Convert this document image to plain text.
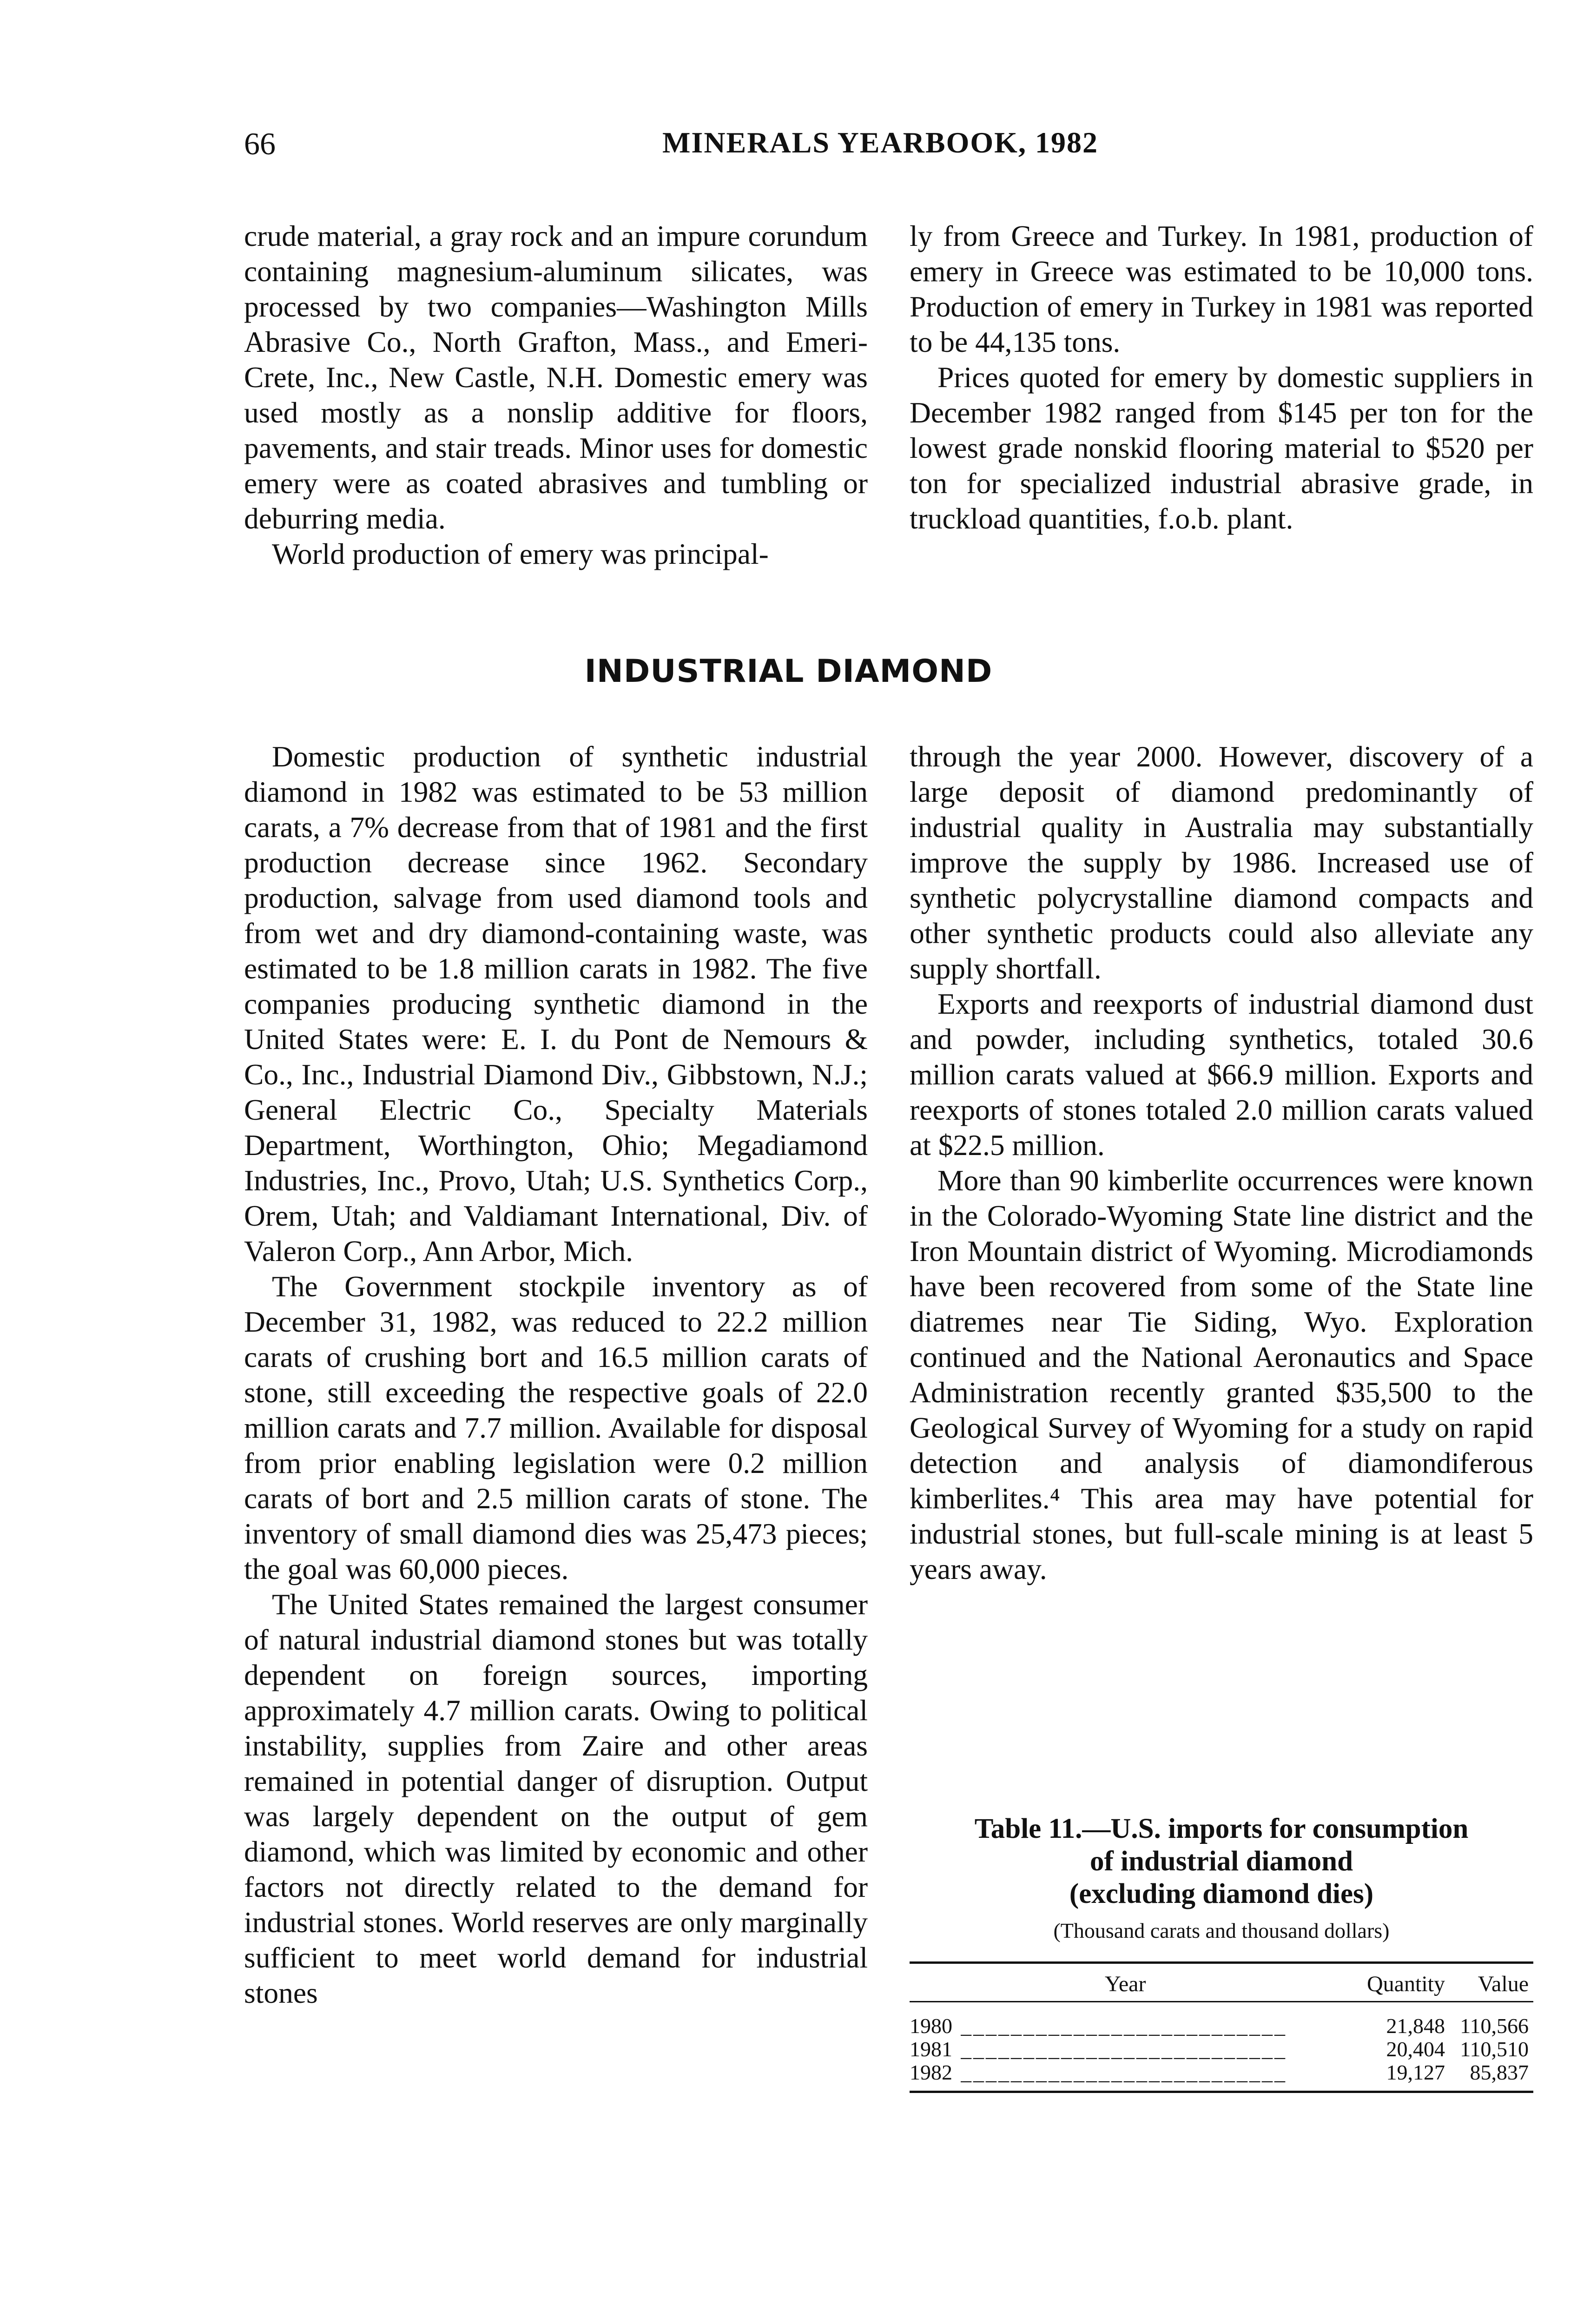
66	MINERALS YEARBOOK, 1982

crude material, a gray rock and an impure corundum containing magnesium-aluminum silicates, was processed by two companies—Washington Mills Abrasive Co., North Grafton, Mass., and Emeri-Crete, Inc., New Castle, N.H. Domestic emery was used mostly as a nonslip additive for floors, pavements, and stair treads. Minor uses for domestic emery were as coated abrasives and tumbling or deburring media.

World production of emery was principal-

ly from Greece and Turkey. In 1981, production of emery in Greece was estimated to be 10,000 tons. Production of emery in Turkey in 1981 was reported to be 44,135 tons.

Prices quoted for emery by domestic suppliers in December 1982 ranged from $145 per ton for the lowest grade nonskid flooring material to $520 per ton for specialized industrial abrasive grade, in truckload quantities, f.o.b. plant.

INDUSTRIAL DIAMOND

Domestic production of synthetic industrial diamond in 1982 was estimated to be 53 million carats, a 7% decrease from that of 1981 and the first production decrease since 1962. Secondary production, salvage from used diamond tools and from wet and dry diamond-containing waste, was estimated to be 1.8 million carats in 1982. The five companies producing synthetic diamond in the United States were: E. I. du Pont de Nemours & Co., Inc., Industrial Diamond Div., Gibbstown, N.J.; General Electric Co., Specialty Materials Department, Worthington, Ohio; Megadiamond Industries, Inc., Provo, Utah; U.S. Synthetics Corp., Orem, Utah; and Valdiamant International, Div. of Valeron Corp., Ann Arbor, Mich.

The Government stockpile inventory as of December 31, 1982, was reduced to 22.2 million carats of crushing bort and 16.5 million carats of stone, still exceeding the respective goals of 22.0 million carats and 7.7 million. Available for disposal from prior enabling legislation were 0.2 million carats of bort and 2.5 million carats of stone. The inventory of small diamond dies was 25,473 pieces; the goal was 60,000 pieces.

The United States remained the largest consumer of natural industrial diamond stones but was totally dependent on foreign sources, importing approximately 4.7 million carats. Owing to political instability, supplies from Zaire and other areas remained in potential danger of disruption. Output was largely dependent on the output of gem diamond, which was limited by economic and other factors not directly related to the demand for industrial stones. World reserves are only marginally sufficient to meet world demand for industrial stones

through the year 2000. However, discovery of a large deposit of diamond predominantly of industrial quality in Australia may substantially improve the supply by 1986. Increased use of synthetic polycrystalline diamond compacts and other synthetic products could also alleviate any supply shortfall.

Exports and reexports of industrial diamond dust and powder, including synthetics, totaled 30.6 million carats valued at $66.9 million. Exports and reexports of stones totaled 2.0 million carats valued at $22.5 million.

More than 90 kimberlite occurrences were known in the Colorado-Wyoming State line district and the Iron Mountain district of Wyoming. Microdiamonds have been recovered from some of the State line diatremes near Tie Siding, Wyo. Exploration continued and the National Aeronautics and Space Administration recently granted $35,500 to the Geological Survey of Wyoming for a study on rapid detection and analysis of diamondiferous kimberlites.⁴ This area may have potential for industrial stones, but full-scale mining is at least 5 years away.

Table 11.—U.S. imports for consumption
of industrial diamond
(excluding diamond dies)
(Thousand carats and thousand dollars)
Year	Quantity Value
1980 __________________________	21,848 110,566
1981 __________________________	20,404 110,510
1982 __________________________	19,127 85,837
